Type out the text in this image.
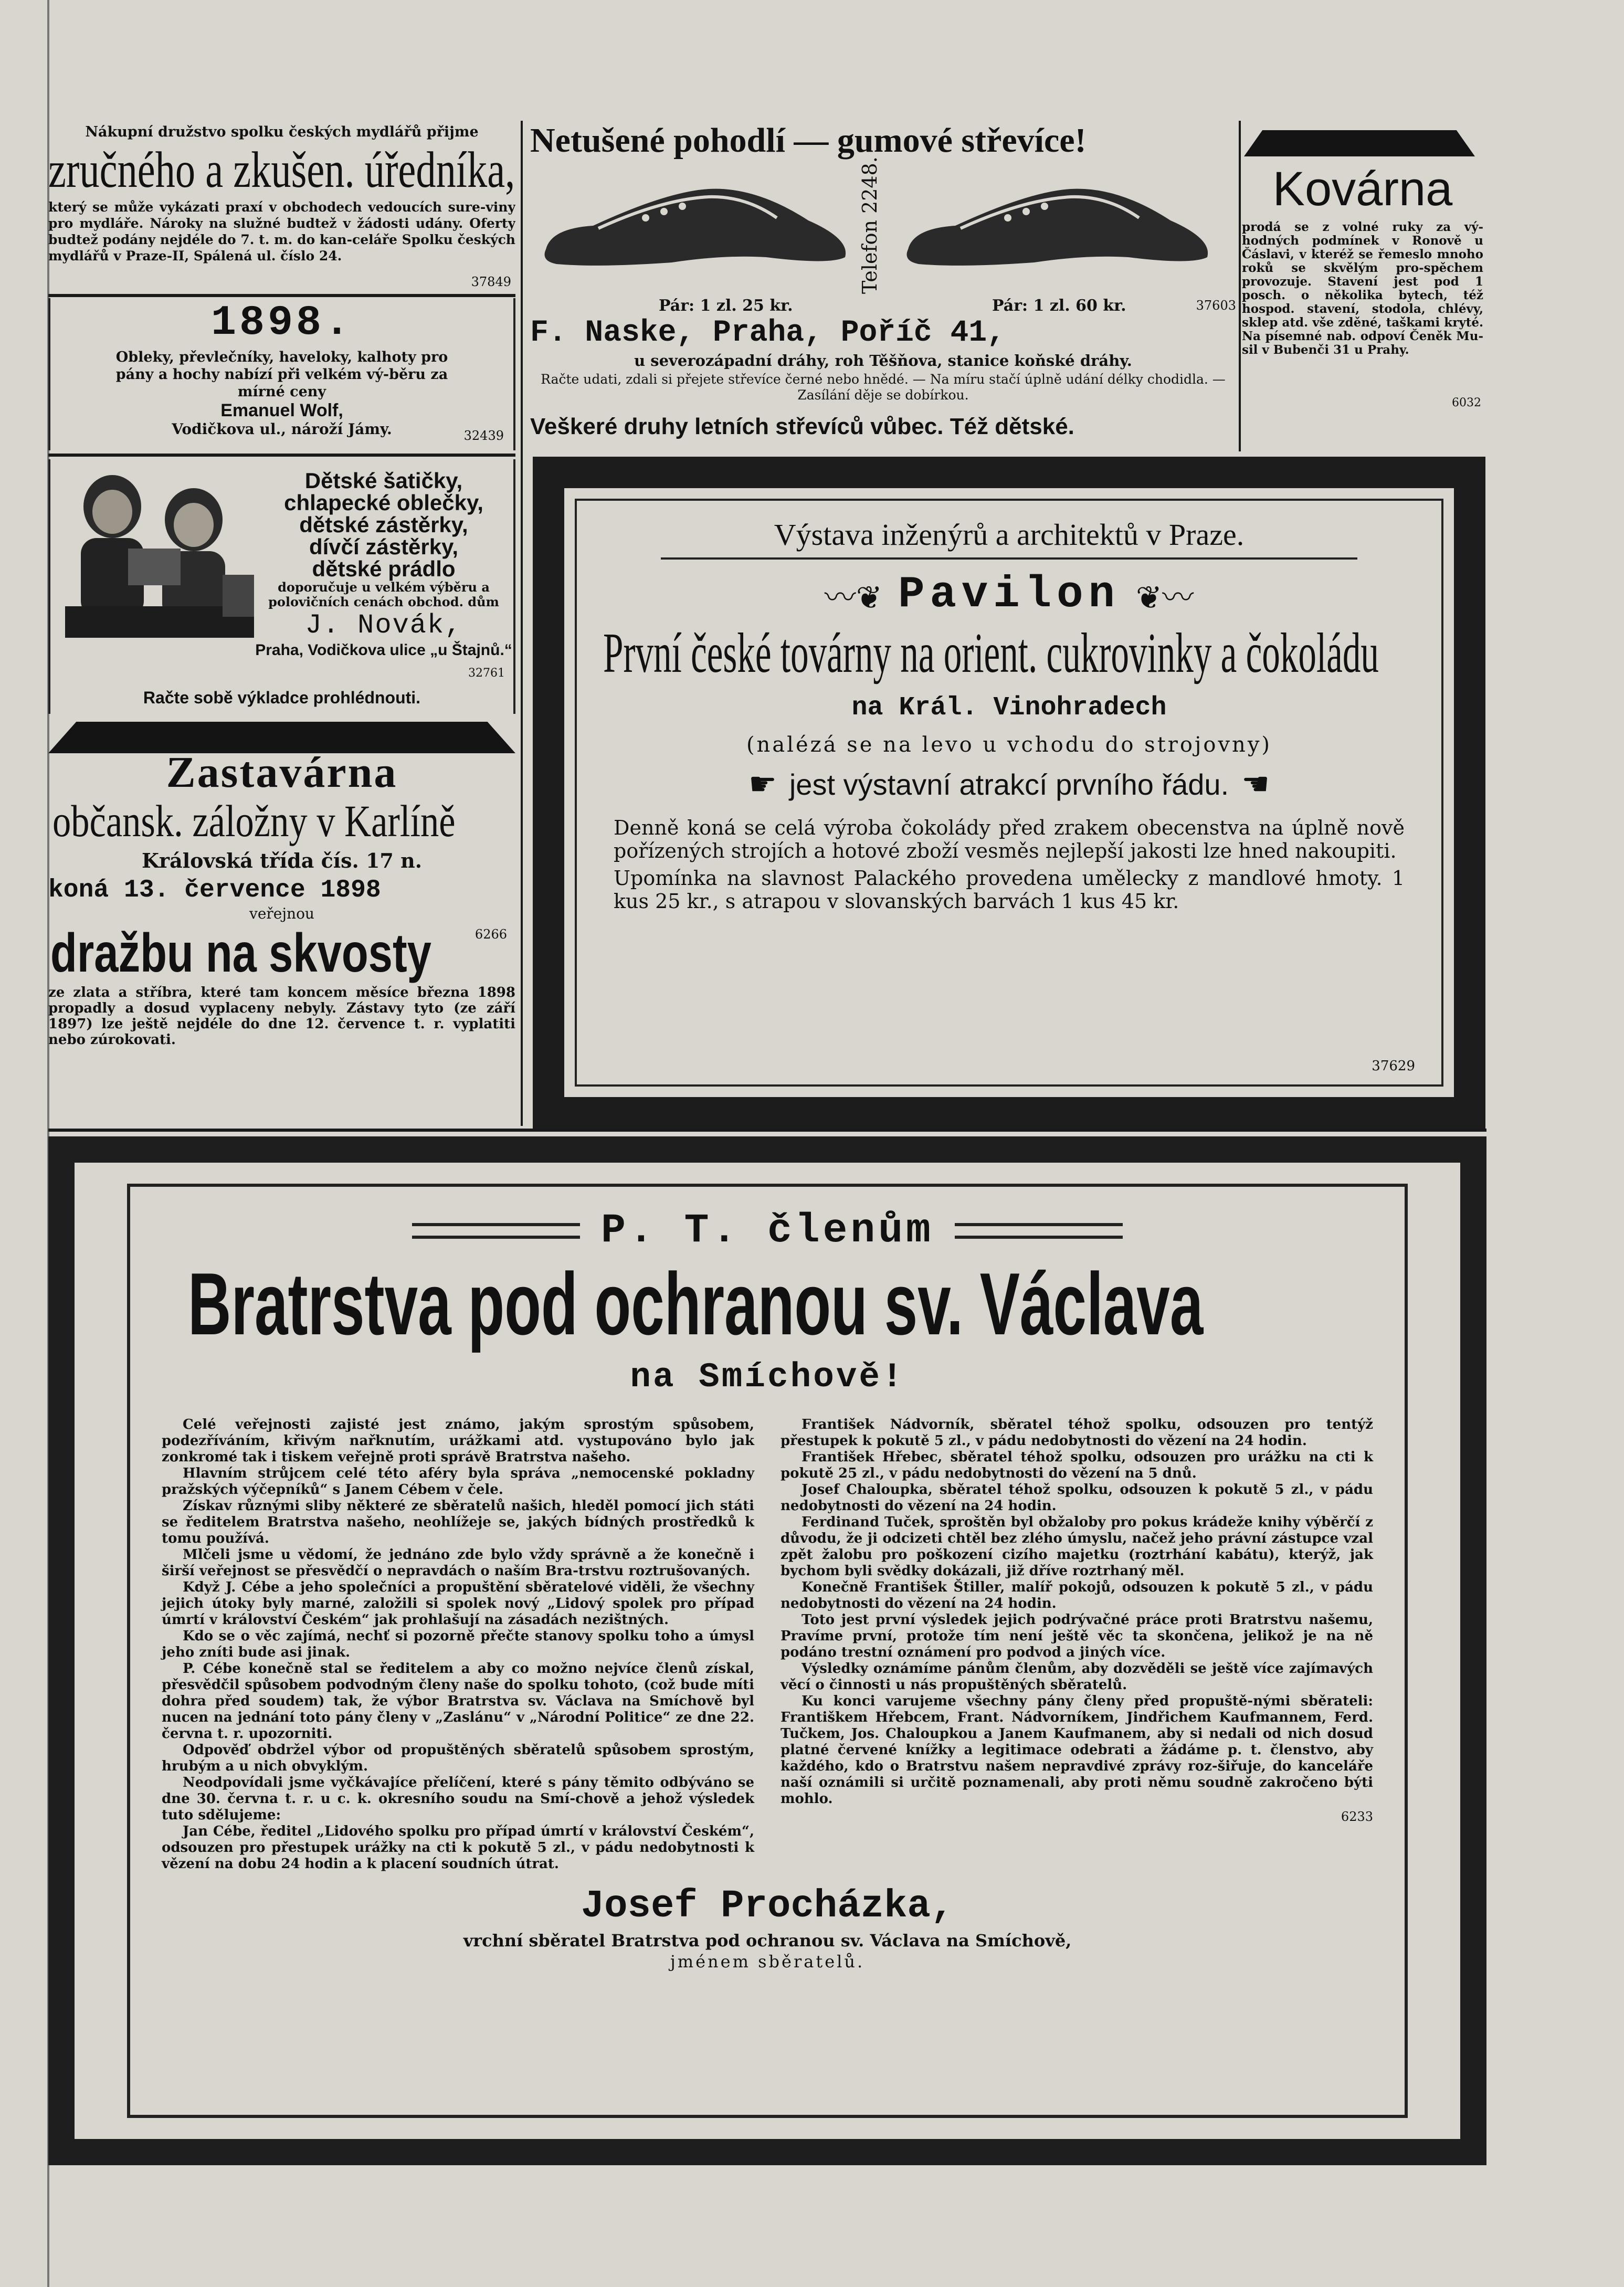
Nákupní družstvo spolku českých mydlářů přijme

zručného a zkušen. úředníka,

který se může vykázati praxí v obchodech vedoucích sure-viny pro mydláře. Nároky na služné budtež v žádosti udány. Oferty budtež podány nejdéle do 7. t. m. do kan-celáře Spolku českých mydlářů v Praze-II, Spálená ul. číslo 24.

37849

1898.

Obleky, převlečníky, haveloky, kalhoty pro pány a hochy nabízí při velkém vý-běru za mírné ceny

Emanuel Wolf,

Vodičkova ul., nároží Jámy.	32439

Dětské šatičky,

chlapecké oblečky,

dětské zástěrky,

dívčí zástěrky,

dětské prádlo

doporučuje u velkém výběru a polovičních cenách obchod. dům

J. Novák,

Praha, Vodičkova ulice „u Štajnů.“

32761

Račte sobě výkladce prohlédnouti.

Zastavárna

občansk. záložny v Karlíně

Královská třída čís. 17 n.

koná 13. července 1898

veřejnou

6266

dražbu na skvosty

ze zlata a stříbra, které tam koncem měsíce března 1898 propadly a dosud vyplaceny nebyly. Zástavy tyto (ze září 1897) lze ještě nejdéle do dne 12. července t. r. vyplatiti nebo zúrokovati.

Netušené pohodlí — gumové střevíce!

Telefon 2248.

Pár: 1 zl. 25 kr.	Pár: 1 zl. 60 kr.	37603

F. Naske, Praha, Poříč 41,

u severozápadní dráhy, roh Těšňova, stanice koňské dráhy.

Račte udati, zdali si přejete střevíce černé nebo hnědé. — Na míru stačí úplně udání délky chodidla. — Zasílání děje se dobírkou.

Veškeré druhy letních střevíců vůbec. Též dětské.

Kovárna

prodá se z volné ruky za vý-hodných podmínek v Ronově u Čáslavi, v kteréž se řemeslo mnoho roků se skvělým pro-spěchem provozuje. Stavení jest pod 1 posch. o několika bytech, též hospod. stavení, stodola, chlévy, sklep atd. vše zděné, taškami kryté. Na písemné nab. odpoví Čeněk Mu-sil v Bubenči 31 u Prahy.

6032

Výstava inženýrů a architektů v Praze.

〰❦ Pavilon ❦〰
První české továrny na orient. cukrovinky a čokoládu

na Král. Vinohradech

(nalézá se na levo u vchodu do strojovny)

☛ jest výstavní atrakcí prvního řádu. ☚

Denně koná se celá výroba čokolády před zrakem obecenstva na úplně nově pořízených strojích a hotové zboží vesměs nejlepší jakosti lze hned nakoupiti.

Upomínka na slavnost Palackého provedena umělecky z mandlové hmoty. 1 kus 25 kr., s atrapou v slovanských barvách 1 kus 45 kr.

37629

P. T. členům
Bratrstva pod ochranou sv. Václava

na Smíchově!

Celé veřejnosti zajisté jest známo, jakým sprostým spůsobem, podezříváním, křivým nařknutím, urážkami atd. vystupováno bylo jak zonkromé tak i tiskem veřejně proti správě Bratrstva našeho.

Hlavním strůjcem celé této aféry byla správa „nemocenské pokladny pražských výčepníků“ s Janem Cébem v čele.

Získav různými sliby některé ze sběratelů našich, hleděl pomocí jich státi se ředitelem Bratrstva našeho, neohlížeje se, jakých bídných prostředků k tomu používá.

Mlčeli jsme u vědomí, že jednáno zde bylo vždy správně a že konečně i širší veřejnost se přesvědčí o nepravdách o naším Bra-trstvu roztrušovaných.

Když J. Cébe a jeho společníci a propuštění sběratelové viděli, že všechny jejich útoky byly marné, založili si spolek nový „Lidový spolek pro případ úmrtí v království Českém“ jak prohlašují na zásadách nezištných.

Kdo se o věc zajímá, nechť si pozorně přečte stanovy spolku toho a úmysl jeho zníti bude asi jinak.

P. Cébe konečně stal se ředitelem a aby co možno nejvíce členů získal, přesvědčil spůsobem podvodným členy naše do spolku tohoto, (což bude míti dohra před soudem) tak, že výbor Bratrstva sv. Václava na Smíchově byl nucen na jednání toto pány členy v „Zaslánu“ v „Národní Politice“ ze dne 22. června t. r. upozorniti.

Odpověď obdržel výbor od propuštěných sběratelů spůsobem sprostým, hrubým a u nich obvyklým.

Neodpovídali jsme vyčkávajíce přelíčení, které s pány těmito odbýváno se dne 30. června t. r. u c. k. okresního soudu na Smí-chově a jehož výsledek tuto sdělujeme:

Jan Cébe, ředitel „Lidového spolku pro případ úmrtí v království Českém“, odsouzen pro přestupek urážky na cti k pokutě 5 zl., v pádu nedobytnosti k vězení na dobu 24 hodin a k placení soudních útrat.

František Nádvorník, sběratel téhož spolku, odsouzen pro tentýž přestupek k pokutě 5 zl., v pádu nedobytnosti do vězení na 24 hodin.

František Hřebec, sběratel téhož spolku, odsouzen pro urážku na cti k pokutě 25 zl., v pádu nedobytnosti do vězení na 5 dnů.

Josef Chaloupka, sběratel téhož spolku, odsouzen k pokutě 5 zl., v pádu nedobytnosti do vězení na 24 hodin.

Ferdinand Tuček, sproštěn byl obžaloby pro pokus krádeže knihy výběrčí z důvodu, že ji odcizeti chtěl bez zlého úmyslu, načež jeho právní zástupce vzal zpět žalobu pro poškození cizího majetku (roztrhání kabátu), kterýž, jak bychom byli svědky dokázali, již dříve roztrhaný měl.

Konečně František Štiller, malíř pokojů, odsouzen k pokutě 5 zl., v pádu nedobytnosti do vězení na 24 hodin.

Toto jest první výsledek jejich podrývačné práce proti Bratrstvu našemu, Pravíme první, protože tím není ještě věc ta skončena, jelikož je na ně podáno trestní oznámení pro podvod a jiných více.

Výsledky oznámíme pánům členům, aby dozvěděli se ještě více zajímavých věcí o činnosti u nás propuštěných sběratelů.

Ku konci varujeme všechny pány členy před propuště-nými sběrateli: Františkem Hřebcem, Frant. Nádvorníkem, Jindřichem Kaufmannem, Ferd. Tučkem, Jos. Chaloupkou a Janem Kaufmanem, aby si nedali od nich dosud platné červené knížky a legitimace odebrati a žádáme p. t. členstvo, aby každého, kdo o Bratrstvu našem nepravdivé zprávy roz-šiřuje, do kanceláře naší oznámili si určitě poznamenali, aby proti němu soudně zakročeno býti mohlo.

6233

Josef Procházka,

vrchní sběratel Bratrstva pod ochranou sv. Václava na Smíchově,

jménem sběratelů.
